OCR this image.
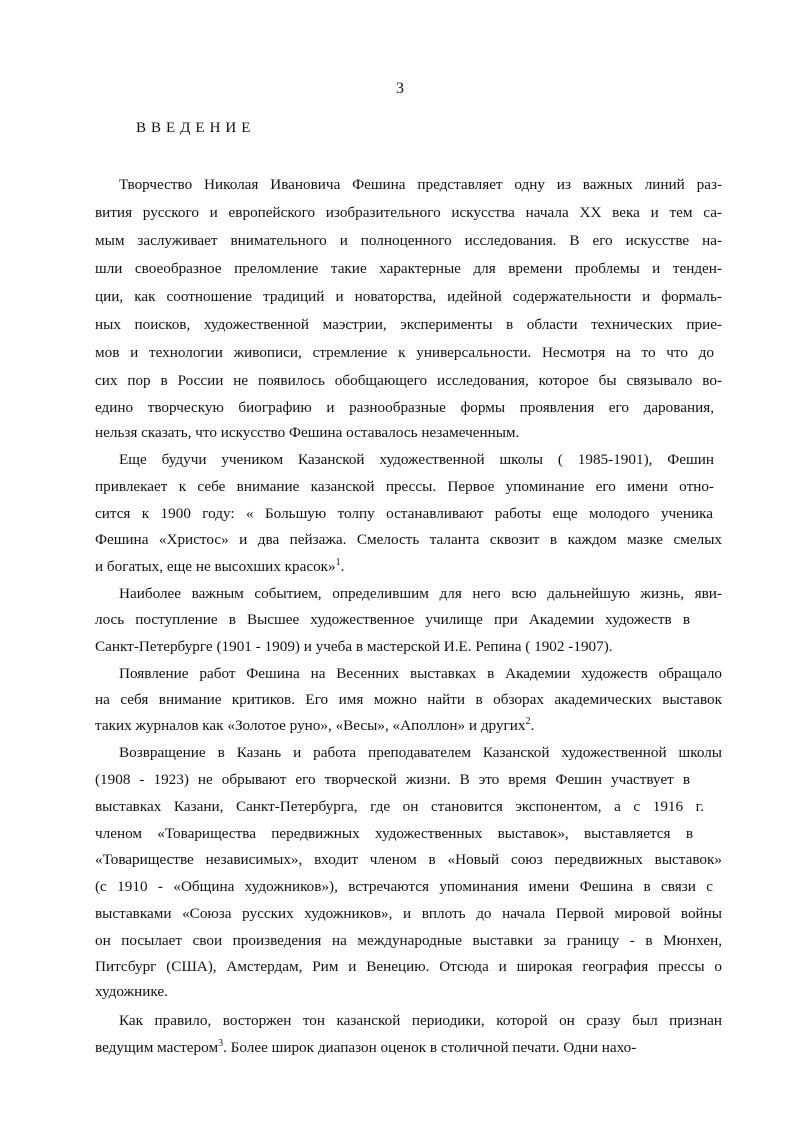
3
ВВЕДЕНИЕ
Творчество Николая Ивановича Фешина представляет одну из важных линий раз-
вития русского и европейского изобразительного искусства начала XX века и тем са-
мым заслуживает внимательного и полноценного исследования. В его искусстве на-
шли своеобразное преломление такие характерные для времени проблемы и тенден-
ции, как соотношение традиций и новаторства, идейной содержательности и формаль-
ных поисков, художественной маэстрии, эксперименты в области технических прие-
мов и технологии живописи, стремление к универсальности. Несмотря на то что до
сих пор в России не появилось обобщающего исследования, которое бы связывало во-
едино творческую биографию и разнообразные формы проявления его дарования,
нельзя сказать, что искусство Фешина оставалось незамеченным.
Еще будучи учеником Казанской художественной школы ( 1985-1901), Фешин
привлекает к себе внимание казанской прессы. Первое упоминание его имени отно-
сится к 1900 году: « Большую толпу останавливают работы еще молодого ученика
Фешина «Христос» и два пейзажа. Смелость таланта сквозит в каждом мазке смелых
и богатых, еще не высохших красок»$^1$.
Наиболее важным событием, определившим для него всю дальнейшую жизнь, яви-
лось поступление в Высшее художественное училище при Академии художеств в
Санкт-Петербурге (1901 - 1909) и учеба в мастерской И.Е. Репина ( 1902 -1907).
Появление работ Фешина на Весенних выставках в Академии художеств обращало
на себя внимание критиков. Его имя можно найти в обзорах академических выставок
таких журналов как «Золотое руно», «Весы», «Аполлон» и других$^2$.
Возвращение в Казань и работа преподавателем Казанской художественной школы
(1908 - 1923) не обрывают его творческой жизни. В это время Фешин участвует в
выставках Казани, Санкт-Петербурга, где он становится экспонентом, а с 1916 г.
членом «Товарищества передвижных художественных выставок», выставляется в
«Товариществе независимых», входит членом в «Новый союз передвижных выставок»
(с 1910 - «Община художников»), встречаются упоминания имени Фешина в связи с
выставками «Союза русских художников», и вплоть до начала Первой мировой войны
он посылает свои произведения на международные выставки за границу - в Мюнхен,
Питсбург (США), Амстердам, Рим и Венецию. Отсюда и широкая география прессы о
художнике.
Как правило, восторжен тон казанской периодики, которой он сразу был признан
ведущим мастером$^3$. Более широк диапазон оценок в столичной печати. Одни нахо-
